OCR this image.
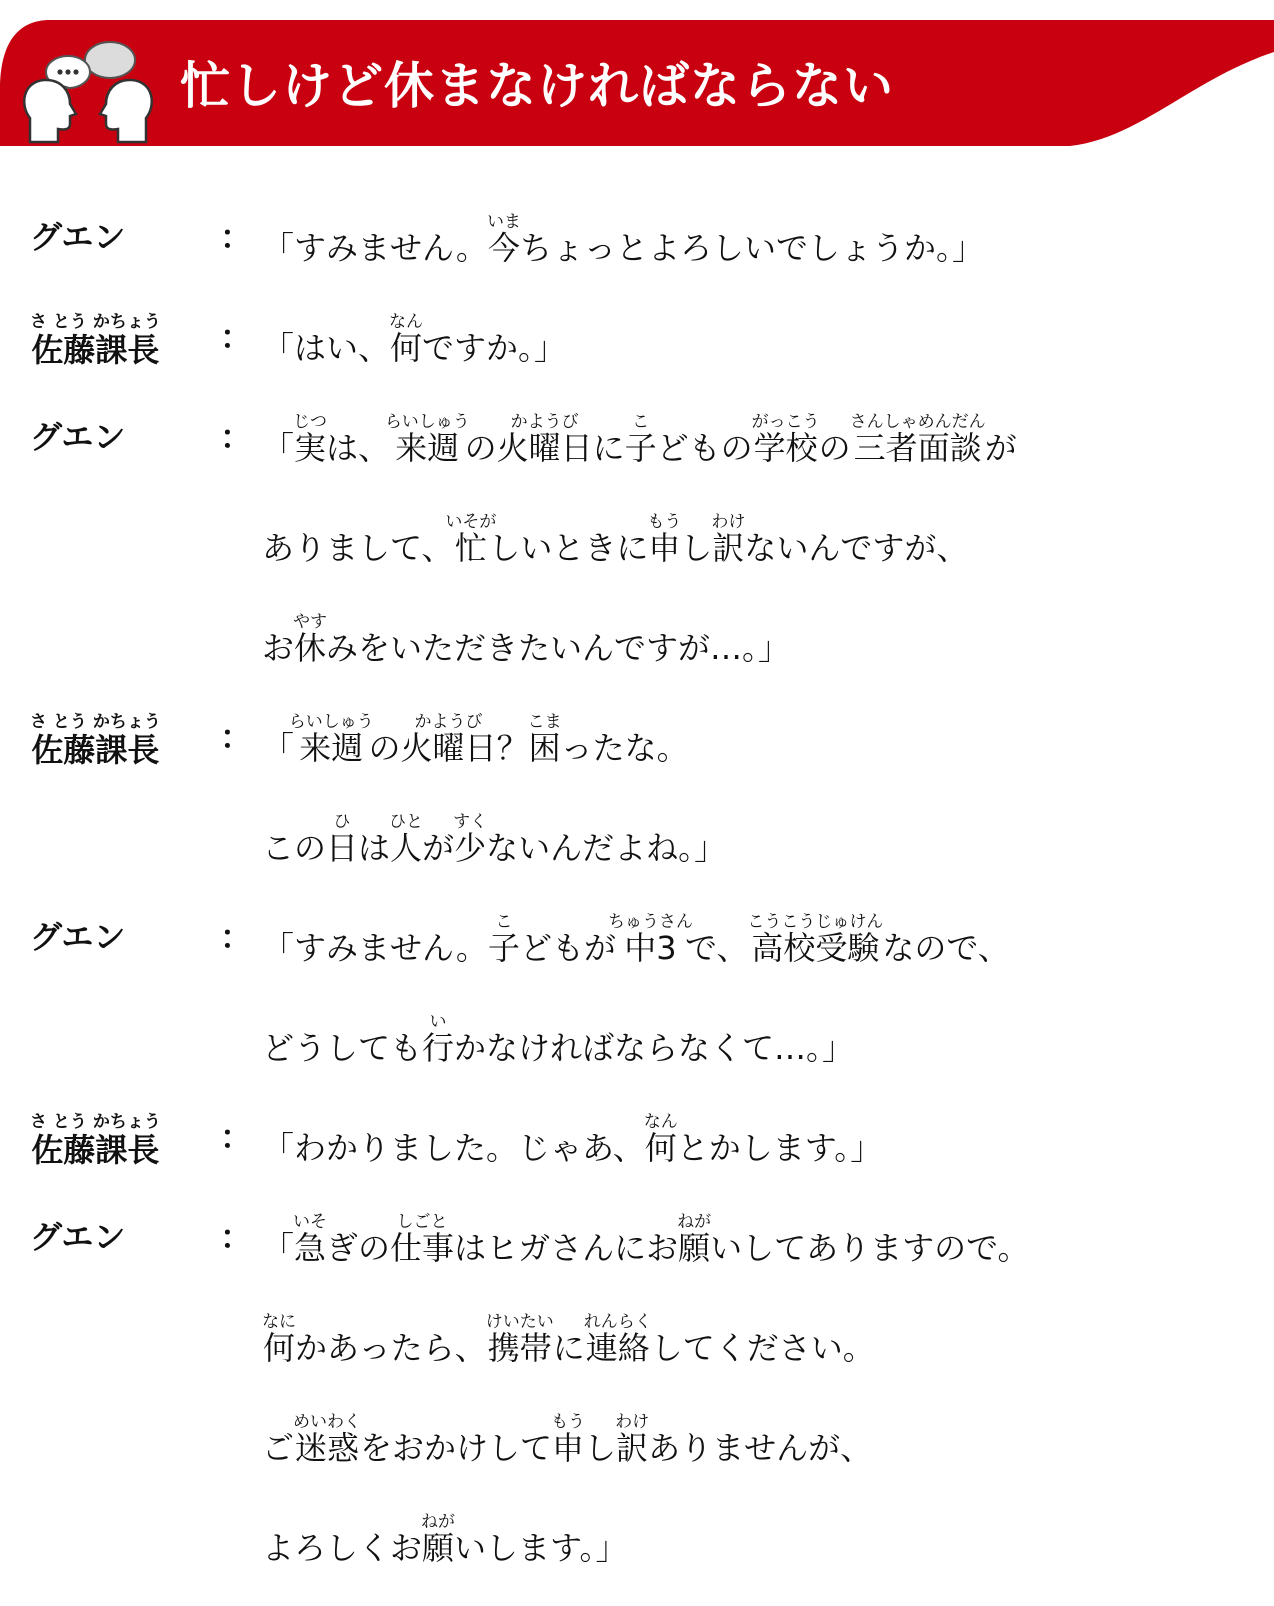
忙しけど休まなければならない
グエン	： 「すみません。今いまちょっとよろしいでしょうか。」
佐藤課長さ とう かちょう ： 「はい、何なんですか。」
グエン	： 「実じつは、来週らいしゅうの火曜日かようびに子こどもの学校がっこうの三者面談さんしゃめんだんが
ありまして、忙いそがしいときに申もうし訳わけないんですが、
お休やすみをいただきたいんですが…。」
佐藤課長さ とう かちょう ： 「来週らいしゅうの火曜日かようび？困こまったな。
この日ひは人ひとが少すくないんだよね。」
グエン	： 「すみません。子こどもが中3ちゅうさんで、高校受験こうこうじゅけんなので、
どうしても行いかなければならなくて…。」
佐藤課長さ とう かちょう ： 「わかりました。じゃあ、何なんとかします。」
グエン	： 「急いそぎの仕事しごとはヒガさんにお願ねがいしてありますので。
何なにかあったら、携帯けいたいに連絡れんらくしてください。
ご迷惑めいわくをおかけして申もうし訳わけありませんが、
よろしくお願ねがいします。」
